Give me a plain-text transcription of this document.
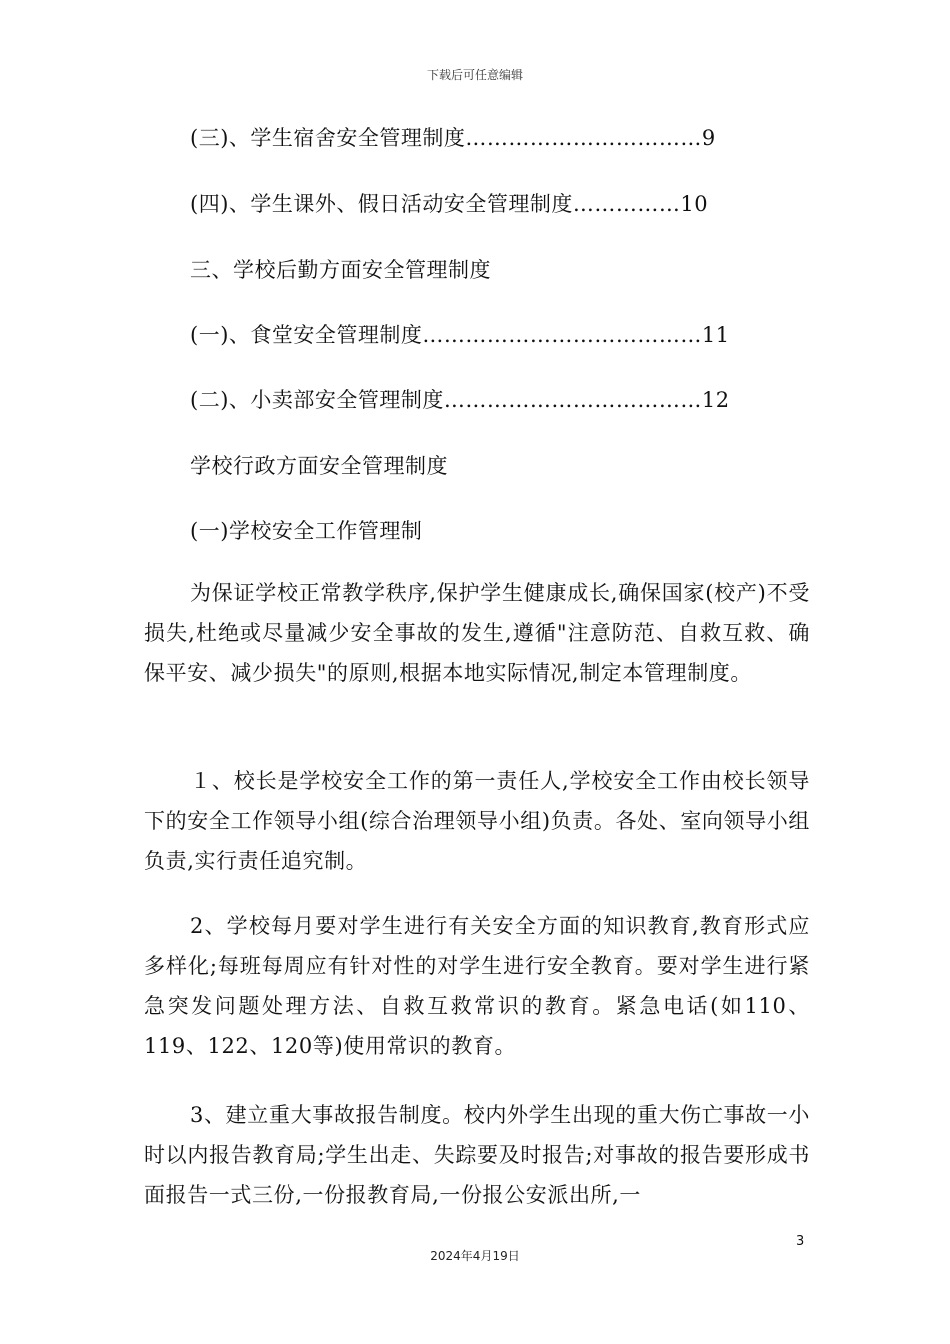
下载后可任意编辑
(三)、学生宿舍安全管理制度……………………………9
(四)、学生课外、假日活动安全管理制度……………10
三、学校后勤方面安全管理制度
(一)、食堂安全管理制度…………………………………11
(二)、小卖部安全管理制度………………………………12
学校行政方面安全管理制度
(一)学校安全工作管理制
为保证学校正常教学秩序,保护学生健康成长,确保国家(校产)不受损失,杜绝或尽量减少安全事故的发生,遵循"注意防范、自救互救、确保平安、减少损失"的原则,根据本地实际情况,制定本管理制度。
１、校长是学校安全工作的第一责任人,学校安全工作由校长领导下的安全工作领导小组(综合治理领导小组)负责。各处、室向领导小组负责,实行责任追究制。
2、学校每月要对学生进行有关安全方面的知识教育,教育形式应多样化;每班每周应有针对性的对学生进行安全教育。要对学生进行紧急突发问题处理方法、自救互救常识的教育。紧急电话(如110、119、122、120等)使用常识的教育。
3、建立重大事故报告制度。校内外学生出现的重大伤亡事故一小时以内报告教育局;学生出走、失踪要及时报告;对事故的报告要形成书面报告一式三份,一份报教育局,一份报公安派出所,一
3
2024年4月19日
